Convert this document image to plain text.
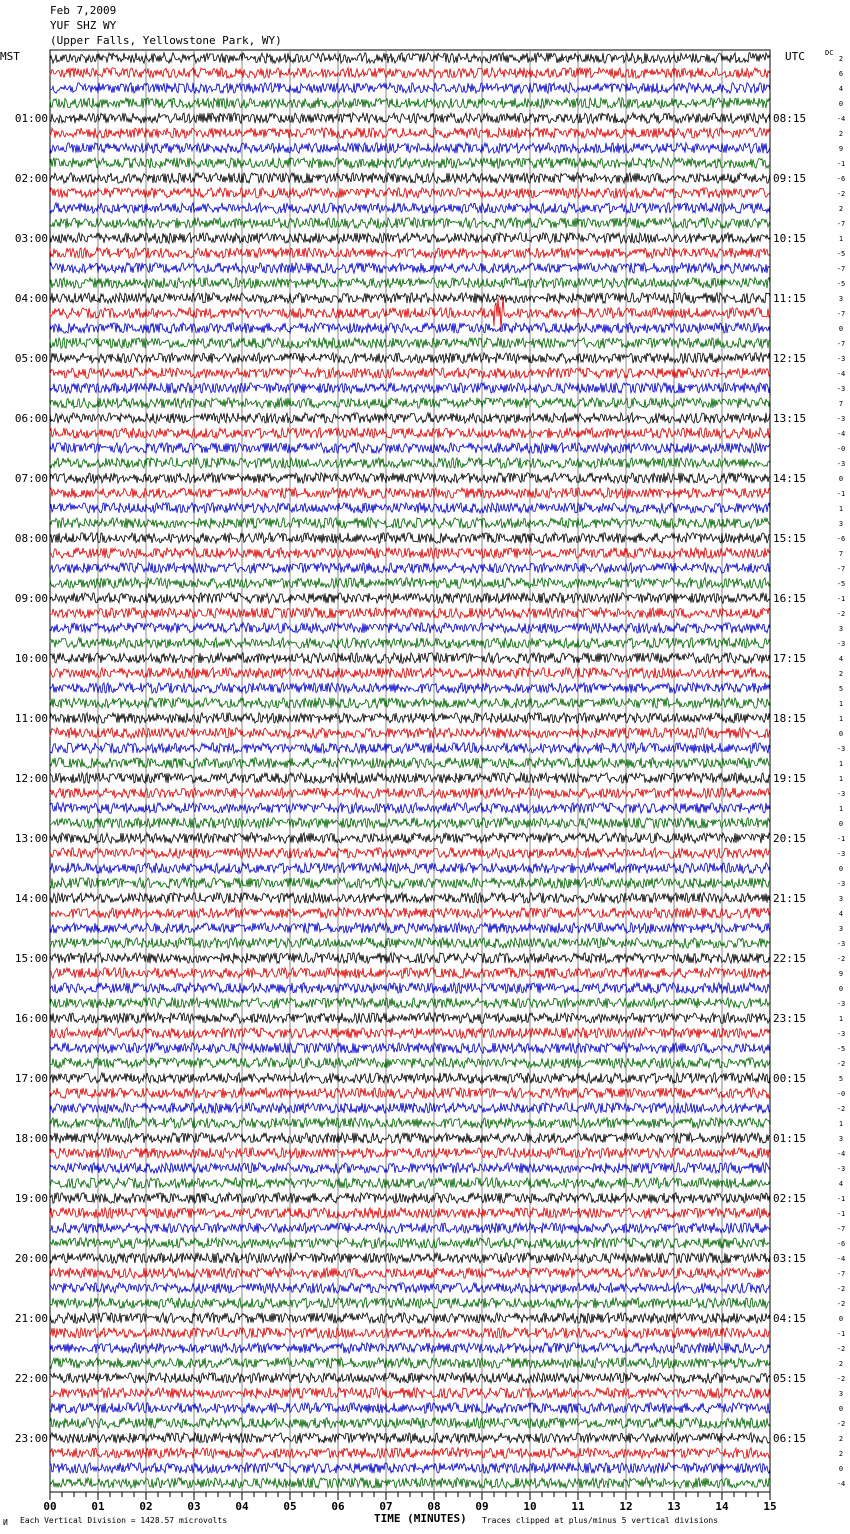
Feb 7,2009
YUF SHZ WY
(Upper Falls, Yellowstone Park, WY)
MST	UTC	DC
2
6
4
0
-4
2
9
-1
-6
-2
2
-7
1
-5
-7
-5
3
-7
0
-7
-3
-4
-3
7
-3
-4
-0
-3
0
-1
1
3
-6
7
-7
-5
-1
-2
3
-3
4
2
5
1
1
0
-3
1
1
-3
1
0
-1
-3
0
-3
3
4
3
-3
-2
9
0
-3
1
-3
-5
-2
5
-0
-2
1
3
-4
-3
4
-1
-1
-7
-6
-4
-7
-2
-2
0
-1
-2
2
-2
3
0
-2
2
2
0
-4
01:00	08:15
02:00	09:15
03:00	10:15
04:00	11:15
05:00	12:15
06:00	13:15
07:00	14:15
08:00	15:15
09:00	16:15
10:00	17:15
11:00	18:15
12:00	19:15
13:00	20:15
14:00	21:15
15:00	22:15
16:00	23:15
17:00	00:15
18:00	01:15
19:00	02:15
20:00	03:15
21:00	04:15
22:00	05:15
23:00	06:15
00	01	02	03	04	05	06	07	08	09	10	11	12	13	14	15
И Each Vertical Division = 1428.57 microvolts	TIME (MINUTES) Traces clipped at plus/minus 5 vertical divisions
